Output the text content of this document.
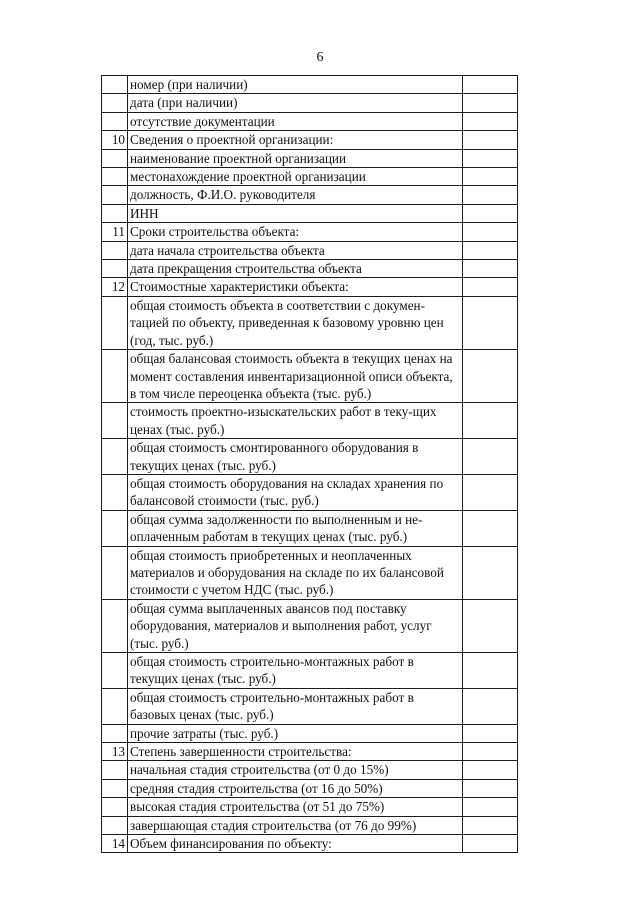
6
	номер (при наличии)	
	дата (при наличии)	
	отсутствие документации	
10	Сведения о проектной организации:	
	наименование проектной организации	
	местонахождение проектной организации	
	должность, Ф.И.О. руководителя	
	ИНН	
11	Сроки строительства объекта:	
	дата начала строительства объекта	
	дата прекращения строительства объекта	
12	Стоимостные характеристики объекта:	
	общая стоимость объекта в соответствии с докумен-тацией по объекту, приведенная к базовому уровню цен (год, тыс. руб.)	
	общая балансовая стоимость объекта в текущих ценах на момент составления инвентаризационной описи объекта, в том числе переоценка объекта (тыс. руб.)	
	стоимость проектно-изыскательских работ в теку-щих ценах (тыс. руб.)	
	общая стоимость смонтированного оборудования в текущих ценах (тыс. руб.)	
	общая стоимость оборудования на складах хранения по балансовой стоимости (тыс. руб.)	
	общая сумма задолженности по выполненным и не-оплаченным работам в текущих ценах (тыс. руб.)	
	общая стоимость приобретенных и неоплаченных материалов и оборудования на складе по их балансовой стоимости с учетом НДС (тыс. руб.)	
	общая сумма выплаченных авансов под поставку оборудования, материалов и выполнения работ, услуг (тыс. руб.)	
	общая стоимость строительно-монтажных работ в текущих ценах (тыс. руб.)	
	общая стоимость строительно-монтажных работ в базовых ценах (тыс. руб.)	
	прочие затраты (тыс. руб.)	
13	Степень завершенности строительства:	
	начальная стадия строительства (от 0 до 15%)	
	средняя стадия строительства (от 16 до 50%)	
	высокая стадия строительства (от 51 до 75%)	
	завершающая стадия строительства (от 76 до 99%)	
14	Объем финансирования по объекту:	
